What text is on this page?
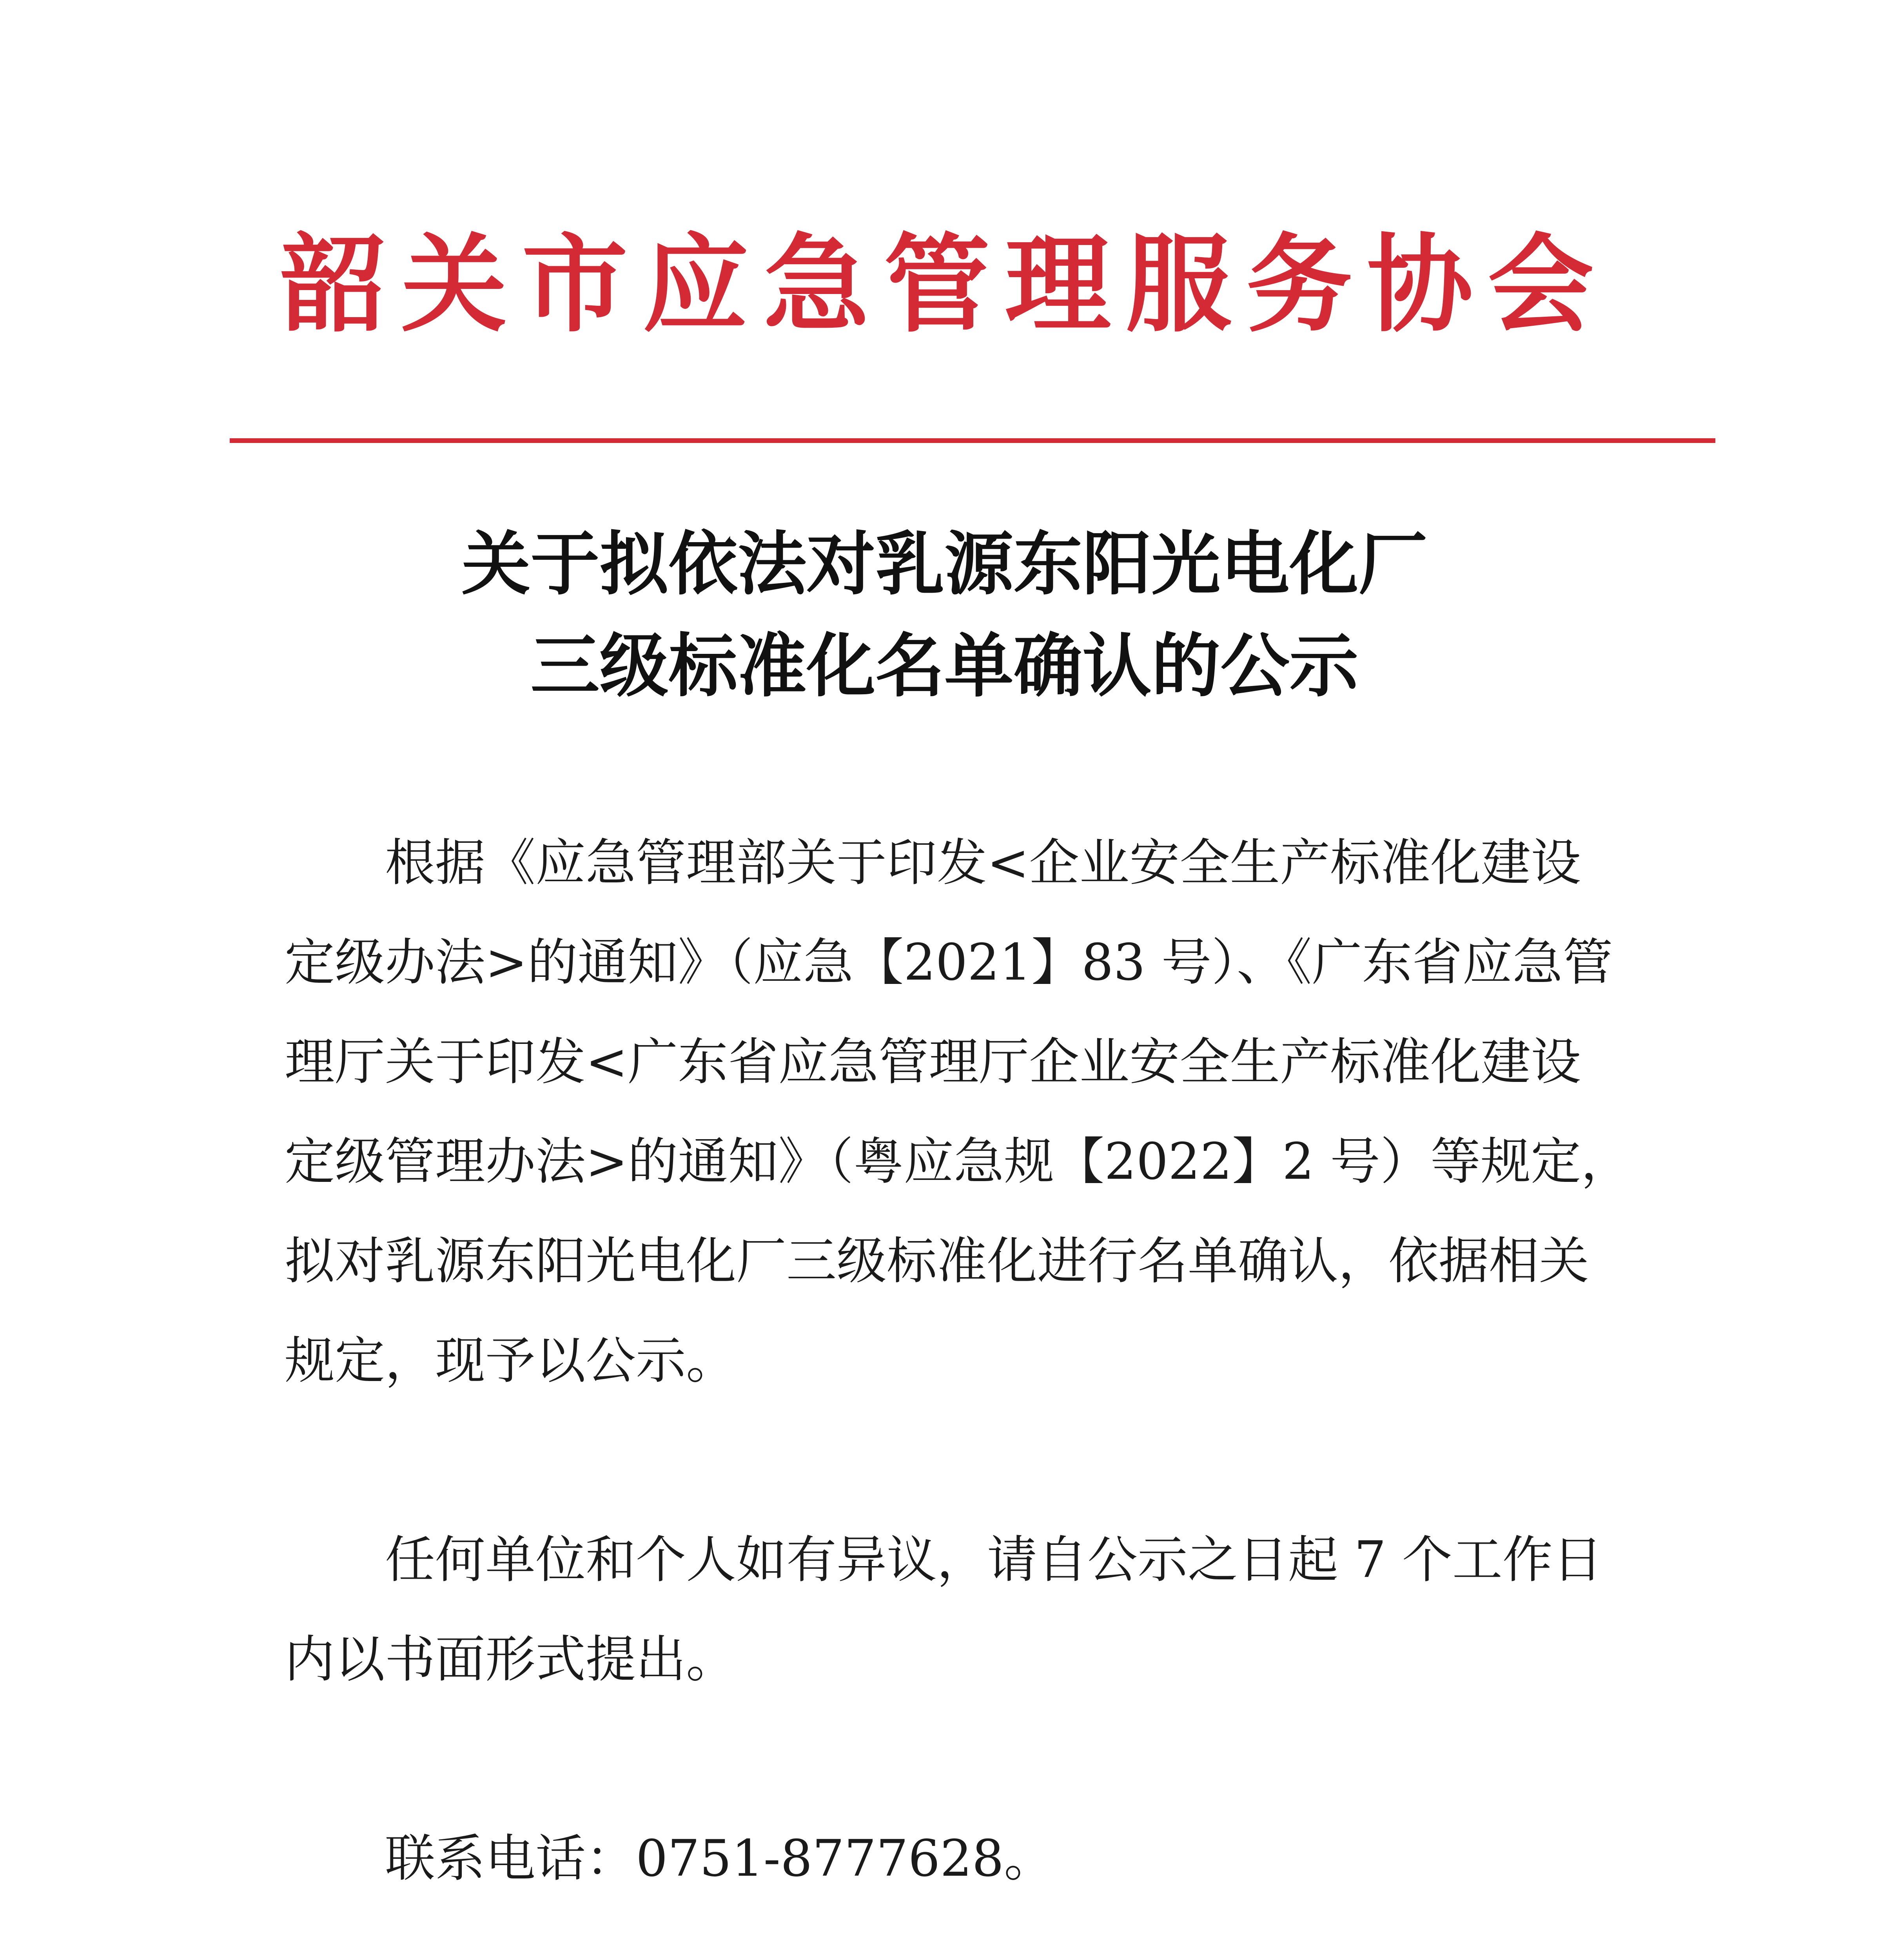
韶关市应急管理服务协会
关于拟依法对乳源东阳光电化厂
三级标准化名单确认的公示
根据《应急管理部关于印发<企业安全生产标准化建设
定级办法>的通知》（应急【2021】83 号）、《广东省应急管
理厅关于印发<广东省应急管理厅企业安全生产标准化建设
定级管理办法>的通知》（粤应急规【2022】2 号）等规定，
拟对乳源东阳光电化厂三级标准化进行名单确认，依据相关
规定，现予以公示。
任何单位和个人如有异议，请自公示之日起 7 个工作日
内以书面形式提出。
联系电话：0751-8777628。
